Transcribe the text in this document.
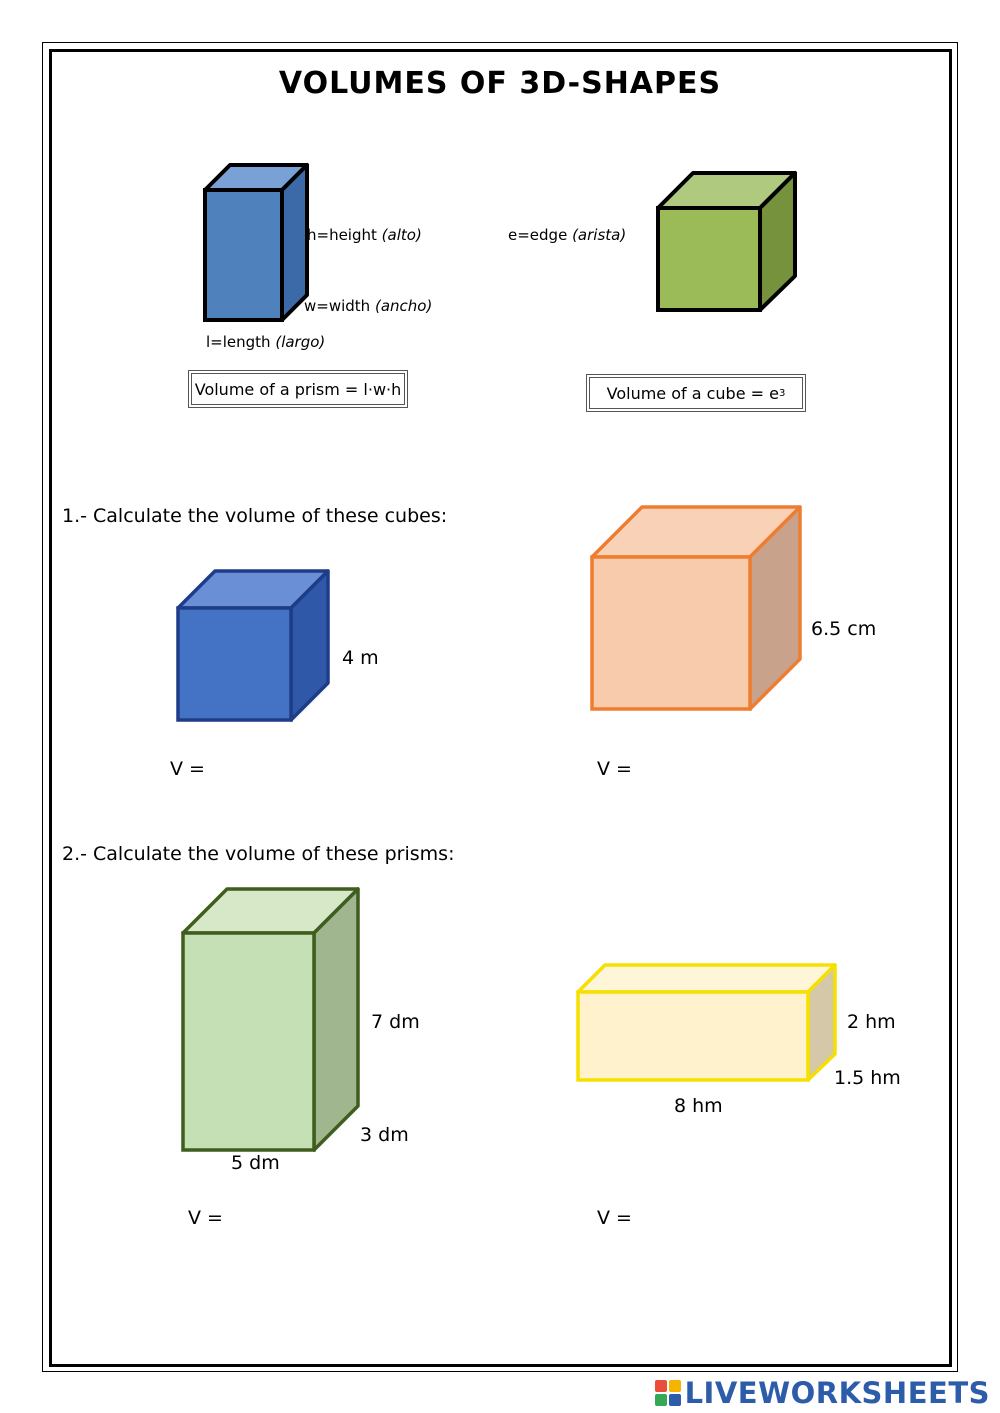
VOLUMES OF 3D-SHAPES
h=height (alto)
w=width (ancho)
l=length (largo)
Volume of a prism = l·w·h
e=edge (arista)
Volume of a cube = e 3
1.- Calculate the volume of these cubes:
4 m
V =
6.5 cm
V =
2.- Calculate the volume of these prisms:
7 dm
3 dm
5 dm
V =
2 hm
1.5 hm
8 hm
V =
LIVEWORKSHEETS
